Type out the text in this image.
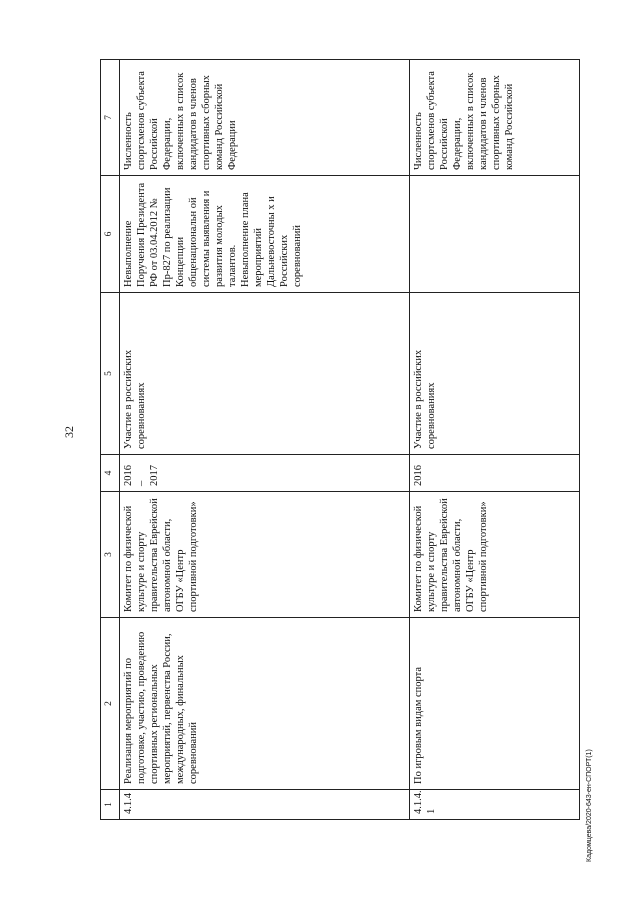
32
1	2	3	4	5	6	7
4.1.4	Реализация мероприятий по подготовке, участию, проведению спортивных региональных мероприятий, первенства России, международных, финальных соревнований	Комитет по физической культуре и спорту правительства Еврейской автономной области, ОГБУ «Центр спортивной подготовки»	2016 – 2017	Участие в российских соревнованиях	Невыполнение Поручения Президента РФ от 03.04.2012 № Пр-827 по реализации Концепции общенациональн ой системы выявления и развития молодых талантов. Невыполнение плана мероприятий Дальневосточны х и Российских соревнований	Численность спортсменов субъекта Российской Федерации, включенных в список кандидатов в членов спортивных сборных команд Российской Федерации
4.1.4. 1	По игровым видам спорта	Комитет по физической культуре и спорту правительства Еврейской автономной области, ОГБУ «Центр спортивной подготовки»	2016	Участие в российских соревнованиях		Численность спортсменов субъекта Российской Федерации, включенных в список кандидатов и членов спортивных сборных команд Российской
Кадомцева/2020-643-ен-СПОРТ(1)
